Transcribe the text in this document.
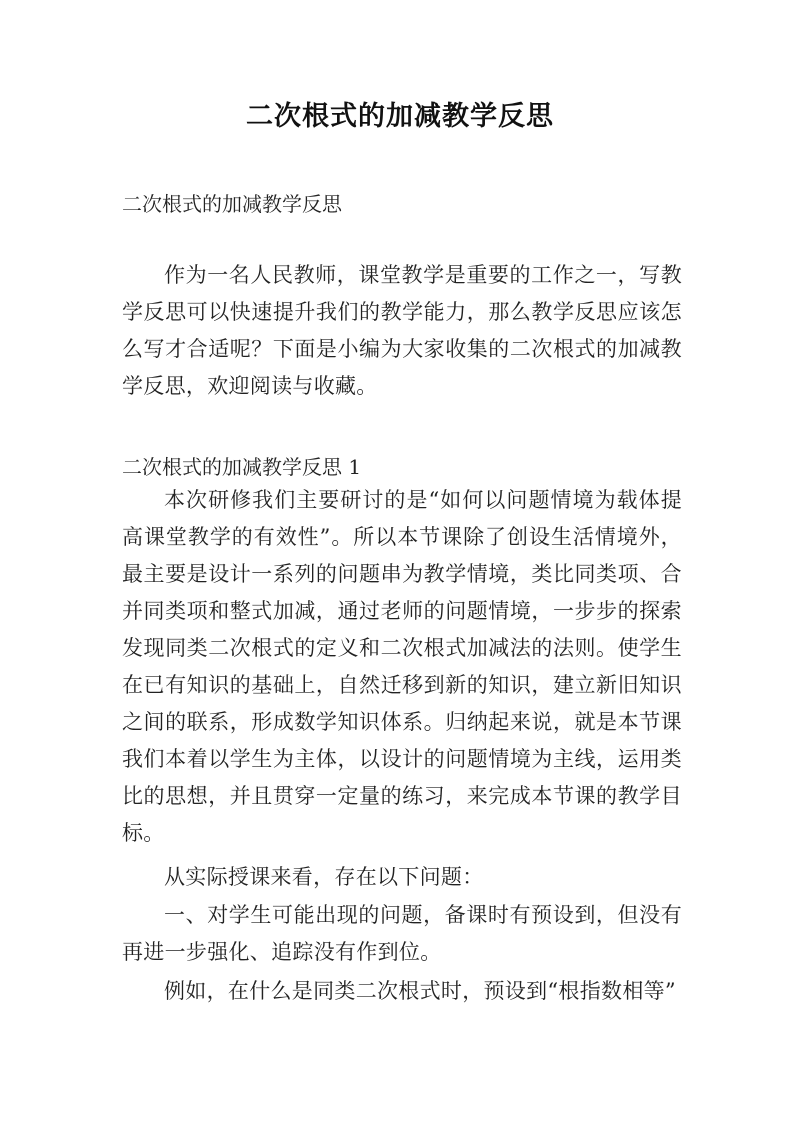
二次根式的加减教学反思
二次根式的加减教学反思

作为一名人民教师，课堂教学是重要的工作之一，写教学反思可以快速提升我们的教学能力，那么教学反思应该怎么写才合适呢？下面是小编为大家收集的二次根式的加减教学反思，欢迎阅读与收藏。

二次根式的加减教学反思 1

本次研修我们主要研讨的是“如何以问题情境为载体提高课堂教学的有效性”。所以本节课除了创设生活情境外，最主要是设计一系列的问题串为教学情境，类比同类项、合并同类项和整式加减，通过老师的问题情境，一步步的探索发现同类二次根式的定义和二次根式加减法的法则。使学生在已有知识的基础上，自然迁移到新的知识，建立新旧知识之间的联系，形成数学知识体系。归纳起来说，就是本节课我们本着以学生为主体，以设计的问题情境为主线，运用类比的思想，并且贯穿一定量的练习，来完成本节课的教学目标。

从实际授课来看，存在以下问题：

一、对学生可能出现的问题，备课时有预设到，但没有再进一步强化、追踪没有作到位。

例如，在什么是同类二次根式时，预设到“根指数相等”
